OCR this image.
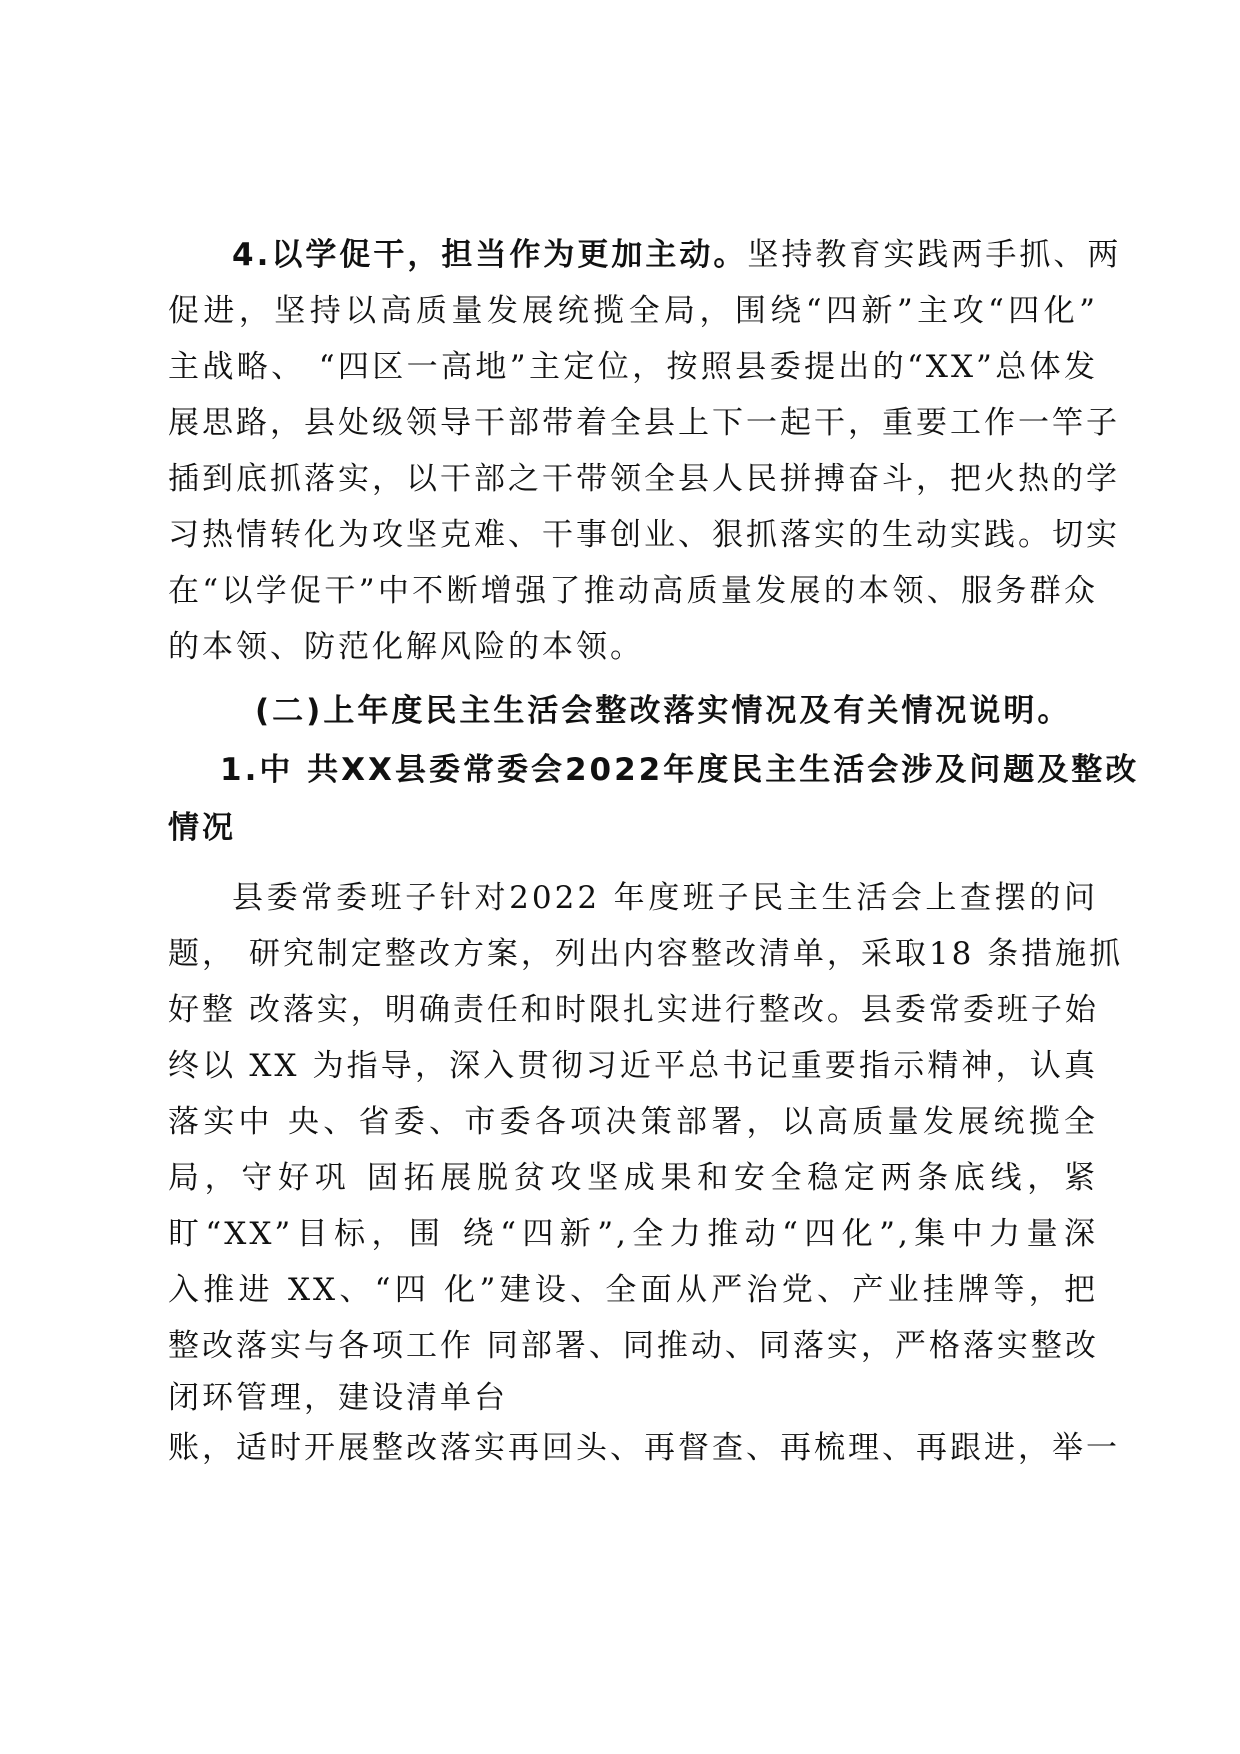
4.以学促干，担当作为更加主动。坚持教育实践两手抓、两
促进，坚持以高质量发展统揽全局，围绕“四新”主攻“四化”
主战略、 “四区一高地”主定位，按照县委提出的“XX”总体发
展思路，县处级领导干部带着全县上下一起干，重要工作一竿子
插到底抓落实，以干部之干带领全县人民拼搏奋斗，把火热的学
习热情转化为攻坚克难、干事创业、狠抓落实的生动实践。切实
在“以学促干”中不断增强了推动高质量发展的本领、服务群众
的本领、防范化解风险的本领。
(二)上年度民主生活会整改落实情况及有关情况说明。
1.中 共XX县委常委会2022年度民主生活会涉及问题及整改
情况
县委常委班子针对2022 年度班子民主生活会上查摆的问
题， 研究制定整改方案，列出内容整改清单，采取18 条措施抓
好整 改落实，明确责任和时限扎实进行整改。县委常委班子始
终以 XX 为指导，深入贯彻习近平总书记重要指示精神，认真
落实中 央、省委、市委各项决策部署，以高质量发展统揽全
局，守好巩 固拓展脱贫攻坚成果和安全稳定两条底线，紧
盯“XX”目标，围 绕“四新”,全力推动“四化”,集中力量深
入推进 XX、“四 化”建设、全面从严治党、产业挂牌等，把
整改落实与各项工作 同部署、同推动、同落实，严格落实整改
闭环管理，建设清单台
账，适时开展整改落实再回头、再督查、再梳理、再跟进，举一
